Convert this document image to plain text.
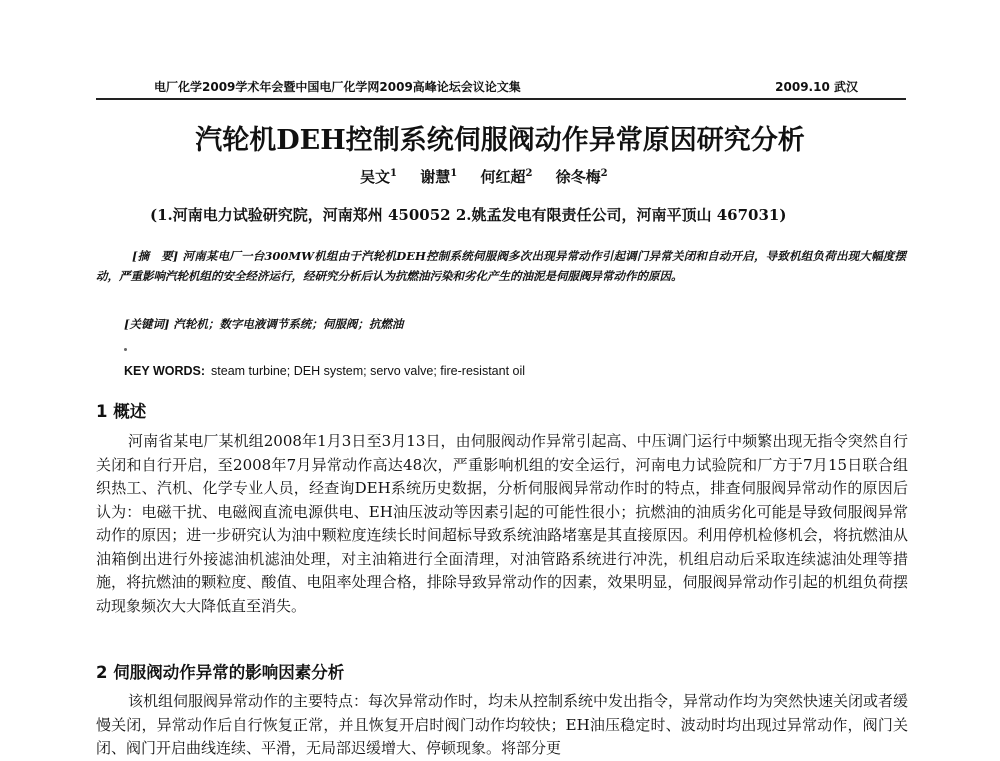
电厂化学2009学术年会暨中国电厂化学网2009高峰论坛会议论文集	2009.10 武汉
汽轮机DEH控制系统伺服阀动作异常原因研究分析
吴文$^1$ 谢慧$^1$ 何红超$^2$ 徐冬梅$^2$
(1.河南电力试验研究院，河南郑州 450052 2.姚孟发电有限责任公司，河南平顶山 467031)
[摘　要] 河南某电厂一台300MW机组由于汽轮机DEH控制系统伺服阀多次出现异常动作引起调门异常关闭和自动开启，导致机组负荷出现大幅度摆动，严重影响汽轮机组的安全经济运行，经研究分析后认为抗燃油污染和劣化产生的油泥是伺服阀异常动作的原因。
[关键词] 汽轮机；数字电液调节系统；伺服阀；抗燃油
KEY WORDS: steam turbine; DEH system; servo valve; fire-resistant oil
1 概述
河南省某电厂某机组2008年1月3日至3月13日，由伺服阀动作异常引起高、中压调门运行中频繁出现无指令突然自行关闭和自行开启，至2008年7月异常动作高达48次，严重影响机组的安全运行，河南电力试验院和厂方于7月15日联合组织热工、汽机、化学专业人员，经查询DEH系统历史数据，分析伺服阀异常动作时的特点，排查伺服阀异常动作的原因后认为：电磁干扰、电磁阀直流电源供电、EH油压波动等因素引起的可能性很小；抗燃油的油质劣化可能是导致伺服阀异常动作的原因；进一步研究认为油中颗粒度连续长时间超标导致系统油路堵塞是其直接原因。利用停机检修机会，将抗燃油从油箱倒出进行外接滤油机滤油处理，对主油箱进行全面清理，对油管路系统进行冲洗，机组启动后采取连续滤油处理等措施，将抗燃油的颗粒度、酸值、电阻率处理合格，排除导致异常动作的因素，效果明显，伺服阀异常动作引起的机组负荷摆动现象频次大大降低直至消失。
2 伺服阀动作异常的影响因素分析
该机组伺服阀异常动作的主要特点：每次异常动作时，均未从控制系统中发出指令，异常动作均为突然快速关闭或者缓慢关闭，异常动作后自行恢复正常，并且恢复开启时阀门动作均较快；EH油压稳定时、波动时均出现过异常动作，阀门关闭、阀门开启曲线连续、平滑，无局部迟缓增大、停顿现象。将部分更
